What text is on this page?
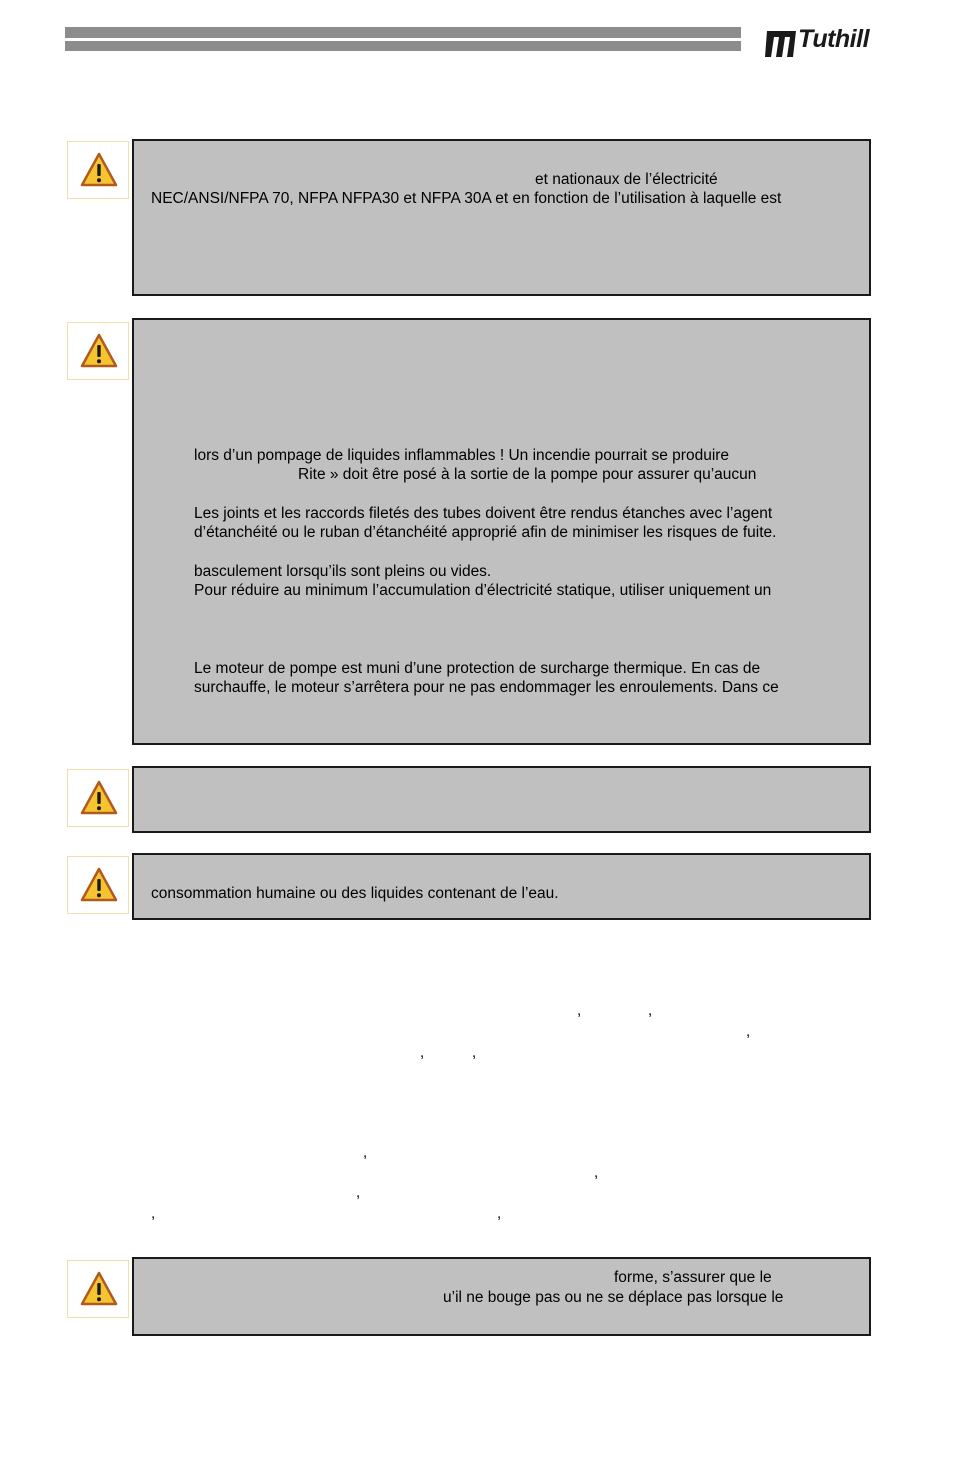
Tuthill
et nationaux de l’électricité
NEC/ANSI/NFPA 70, NFPA NFPA30 et NFPA 30A et en fonction de l’utilisation à laquelle est
lors d’un pompage de liquides inflammables ! Un incendie pourrait se produire
Rite » doit être posé à la sortie de la pompe pour assurer qu’aucun
Les joints et les raccords filetés des tubes doivent être rendus étanches avec l’agent
d’étanchéité ou le ruban d’étanchéité approprié afin de minimiser les risques de fuite.
basculement lorsqu’ils sont pleins ou vides.
Pour réduire au minimum l’accumulation d’électricité statique, utiliser uniquement un
Le moteur de pompe est muni d’une protection de surcharge thermique. En cas de
surchauffe, le moteur s’arrêtera pour ne pas endommager les enroulements. Dans ce
consommation humaine ou des liquides contenant de l’eau.
,	,
,
,	,
,
,
,
,	,
forme, s’assurer que le
u’il ne bouge pas ou ne se déplace pas lorsque le
